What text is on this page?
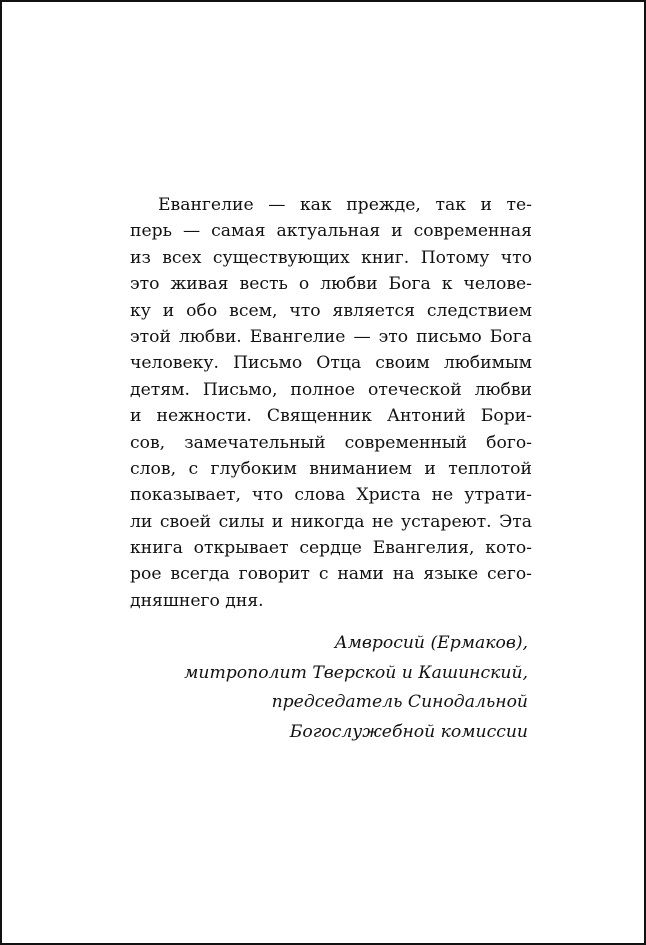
Евангелие — как прежде, так и те-
перь — самая актуальная и современная
из всех существующих книг. Потому что
это живая весть о любви Бога к челове-
ку и обо всем, что является следствием
этой любви. Евангелие — это письмо Бога
человеку. Письмо Отца своим любимым
детям. Письмо, полное отеческой любви
и нежности. Священник Антоний Бори-
сов, замечательный современный бого-
слов, с глубоким вниманием и теплотой
показывает, что слова Христа не утрати-
ли своей силы и никогда не устареют. Эта
книга открывает сердце Евангелия, кото-
рое всегда говорит с нами на языке сего-
дняшнего дня.
Амвросий (Ермаков),
митрополит Тверской и Кашинский,
председатель Синодальной
Богослужебной комиссии
